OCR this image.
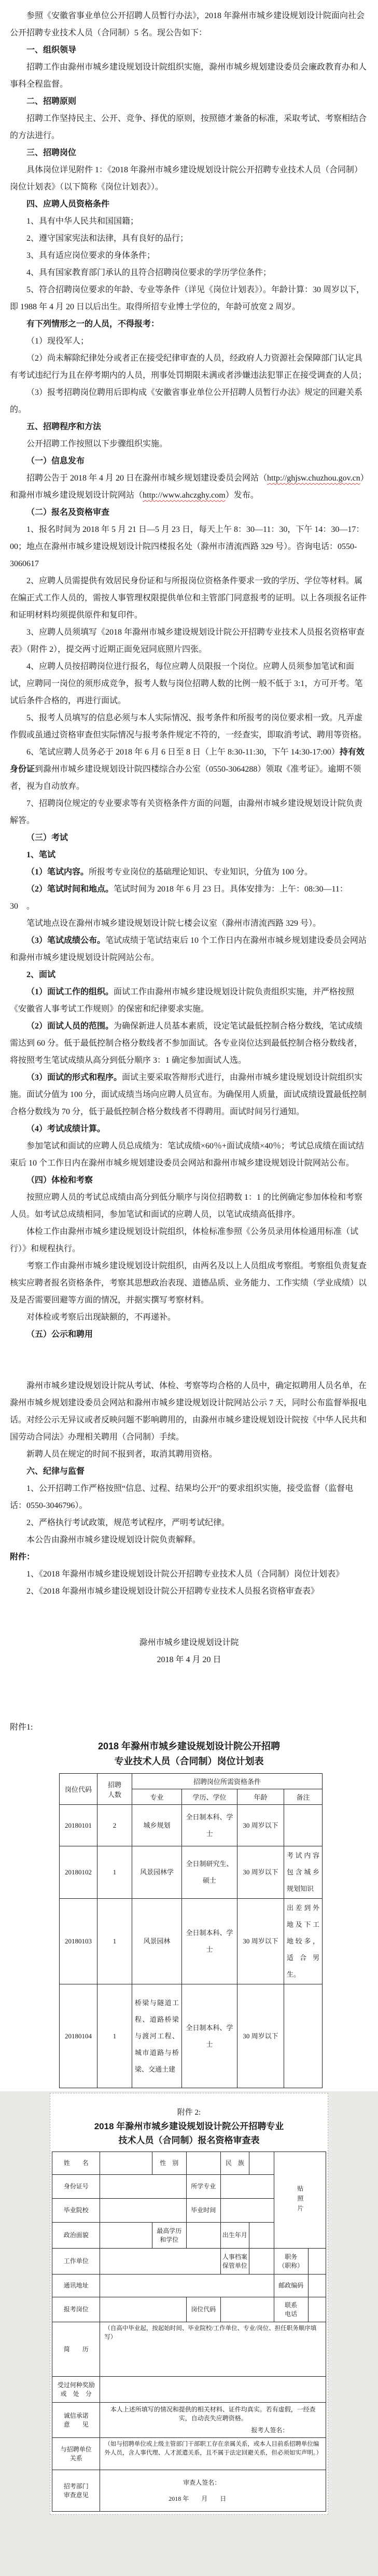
参照《安徽省事业单位公开招聘人员暂行办法》，2018 年滁州市城乡建设规划设计院面向社会公开招聘专业技术人员（合同制）5 名。现公告如下：
一、组织领导
招聘工作由滁州市城乡建设规划设计院组织实施，滁州市城乡规划建设委员会廉政教育办和人事科全程监督。
二、招聘原则
招聘工作坚持民主、公开、竞争、择优的原则，按照德才兼备的标准，采取考试、考察相结合的方法进行。
三、招聘岗位
具体岗位详见附件 1：《2018 年滁州市城乡建设规划设计院公开招聘专业技术人员（合同制）岗位计划表》（以下简称《岗位计划表》）。
四、应聘人员资格条件
1、具有中华人民共和国国籍；
2、遵守国家宪法和法律，具有良好的品行；
3、具有适应岗位要求的身体条件；
4、具有国家教育部门承认的且符合招聘岗位要求的学历学位条件；
5、符合招聘岗位要求的年龄、专业等条件（详见《岗位计划表》）。年龄计算：30 周岁以下，即 1988 年 4 月 20 日以后出生。取得所招专业博士学位的，年龄可放宽 2 周岁。
有下列情形之一的人员，不得报考：
（1）现役军人；
（2）尚未解除纪律处分或者正在接受纪律审查的人员，经政府人力资源社会保障部门认定具有考试违纪行为且在停考期内的人员，刑事处罚期限未满或者涉嫌违法犯罪正在接受调查的人员；
（3）报考招聘岗位聘用后即构成《安徽省事业单位公开招聘人员暂行办法》规定的回避关系的。
五、招聘程序和方法
公开招聘工作按照以下步骤组织实施。
（一）信息发布
招聘公告于 2018 年 4 月 20 日在滁州市城乡规划建设委员会网站（http://ghjsw.chuzhou.gov.cn）和滁州市城乡建设规划设计院网站（http://www.ahczghy.com）发布。
（二）报名及资格审查
1、报名时间为 2018 年 5 月 21 日—5 月 23 日，每天上午 8：30—11：30，下午 14：30—17：00；地点在滁州市城乡建设规划设计院四楼报名处（滁州市清流西路 329 号）。咨询电话：0550-3060617
2、应聘人员需提供有效居民身份证和与所报岗位资格条件要求一致的学历、学位等材料。属在编正式工作人员的，需按人事管理权限提供单位和主管部门同意报考的证明。以上各项报名证件和证明材料均须提供原件和复印件。
3、应聘人员须填写《2018 年滁州市城乡建设规划设计院公开招聘专业技术人员报名资格审查表》（附件 2），提交两寸近期正面免冠同底照片四张。
4、应聘人员按招聘岗位进行报名，每位应聘人员限报一个岗位。应聘人员须参加笔试和面试，应聘同一岗位的须形成竞争，报考人数与岗位招聘人数的比例一般不低于 3:1，方可开考。笔试后条件合格的，再进行面试。
5、报考人员填写的信息必须与本人实际情况、报考条件和所报考的岗位要求相一致。凡弄虚作假或虽通过资格审查但实际情况与报考条件规定不符的，一经查实，即取消考试、聘用等资格。
6、笔试应聘人员务必于 2018 年 6 月 6 日至 8 日（上午 8:30-11:30，下午 14:30-17:00）持有效身份证到滁州市城乡建设规划设计院四楼综合办公室（0550-3064288）领取《准考证》。逾期不领者，视为自动放弃。
7、招聘岗位规定的专业要求等有关资格条件方面的问题，由滁州市城乡建设规划设计院负责解答。
（三）考试
1、笔试
（1）笔试内容。所报考专业岗位的基础理论知识、专业知识，分值为 100 分。
（2）笔试时间和地点。笔试时间为 2018 年 6 月 23 日。具体安排为：上午：08:30—11：30　。
笔试地点设在滁州市城乡建设规划设计院七楼会议室（滁州市清流西路 329 号）。
（3）笔试成绩公布。笔试成绩于笔试结束后 10 个工作日内在滁州市城乡规划建设委员会网站和滁州市城乡建设规划设计院网站公布。
2、面试
（1）面试工作的组织。面试工作由滁州市城乡建设规划设计院负责组织实施，并严格按照《安徽省人事考试工作规则》的保密和纪律要求实施。
（2）面试人员的范围。为确保新进人员基本素质，设定笔试最低控制合格分数线，笔试成绩需达到 60 分。低于最低控制合格分数线者不参加面试。各专业岗位达到最低控制合格分数线者，将按照考生笔试成绩从高分到低分顺序 3：1 确定参加面试人选。
（3）面试的形式和程序。面试主要采取答辩形式进行，由滁州市城乡建设规划设计院组织实施。面试分值为 100 分，面试成绩当场向应聘人员宣布。为确保用人质量，面试成绩设置最低控制合格分数线为 70 分，低于最低控制合格分数线者不得聘用。面试时间另行通知。
（4）考试成绩计算。
参加笔试和面试的应聘人员总成绩为：笔试成绩×60％+面试成绩×40％；考试总成绩在面试结束后 10 个工作日内在滁州市城乡规划建设委员会网站和滁州市城乡建设规划设计院网站公布。
（四）体检和考察
按照应聘人员的考试总成绩由高分到低分顺序与岗位招聘数 1：1 的比例确定参加体检和考察人员。如考试总成绩相同，参加笔试和面试的应聘人员，以笔试成绩高低排序。
体检工作由滁州市城乡建设规划设计院组织，体检标准参照《公务员录用体检通用标准（试行）》和规程执行。
考察工作由滁州市城乡建设规划设计院组织，由两名及以上人员组成考察组。考察组负责复查核实应聘者报名资格条件，考察其思想政治表现、道德品质、业务能力、工作实绩（学业成绩）以及是否需要回避等方面的情况，并据实撰写考察材料。
对体检或考察后出现缺额的，不再递补。
（五）公示和聘用
滁州市城乡建设规划设计院从考试、体检、考察等均合格的人员中，确定拟聘用人员名单，在滁州市城乡规划建设委员会网站和滁州市城乡建设规划设计院网站公示 7 天，同时公布监督举报电话。对经公示无异议或者反映问题不影响聘用的，由滁州市城乡建设规划设计院按《中华人民共和国劳动合同法》办理相关聘用（合同制）手续。
新聘人员在规定的时间不报到者，取消其聘用资格。
六、纪律与监督
1、公开招聘工作严格按照“信息、过程、结果均公开”的要求组织实施，接受监督（监督电话：0550-3046796）。
2、严格执行考试政策，规范考试程序，严明考试纪律。
本公告由滁州市城乡建设规划设计院负责解释。
附件：
1、《2018 年滁州市城乡建设规划设计院公开招聘专业技术人员（合同制）岗位计划表》
2、《2018 年滁州市城乡建设规划设计院公开招聘专业技术人员报名资格审查表》
滁州市城乡建设规划设计院
2018 年 4 月 20 日
附件1:
2018 年滁州市城乡建设规划设计院公开招聘
专业技术人员（合同制）岗位计划表
岗位代码	招聘
人数	招聘岗位所需资格条件			
		专业	学历、学位	年龄	备注
20180101	2	城乡规划	全日制本科、学士	30 周岁以下	
20180102	1	风景园林学	全日制研究生、硕士	30 周岁以下	考试内容包含城乡规划知识
20180103	1	风景园林	全日制本科、学士	30 周岁以下	出差到外地及下工地较多，适合男生。
20180104	1	桥梁与隧道工程、道路桥梁与渡河工程、城市道路与桥梁、交通土建	全日制本科、学士	30 周岁以下	
附件 2:
2018 年滁州市城乡建设规划设计院公开招聘专业
技术人员（合同制）报名资格审查表
姓　　名		性　别		民　族		贴照片	

身份证号			所学专业				
毕业院校			毕业时间				
政治面貌		最高学历和学位		出生年月			
工作单位				人事档案保管单位		职务
（职称）	

通讯地址						邮政编码	
报考岗位			岗位代码			联系
电话	

简　　历	（自高中毕业起，按起始时间、毕业院校/工作单位、专业/岗位、担任职务顺序填写）						

受过何种奖励
或　处　分							

诚信承诺
意　　见

本人上述所填写的情况和提供的相关材料、证件均真实。若有虚假，一经查实，自动丧失应聘资格。
报考人签名：

与招聘单位
关系	（如与招聘单位或上级主管部门干部职工存在亲属关系，或本人目前系招聘单位编外人员，含人事代理、人才派遣关系，且不属于法定回避关系，但必须如实声明。）						

招考部门
审查意见

审查人签名：
2018 年　　月　　日
